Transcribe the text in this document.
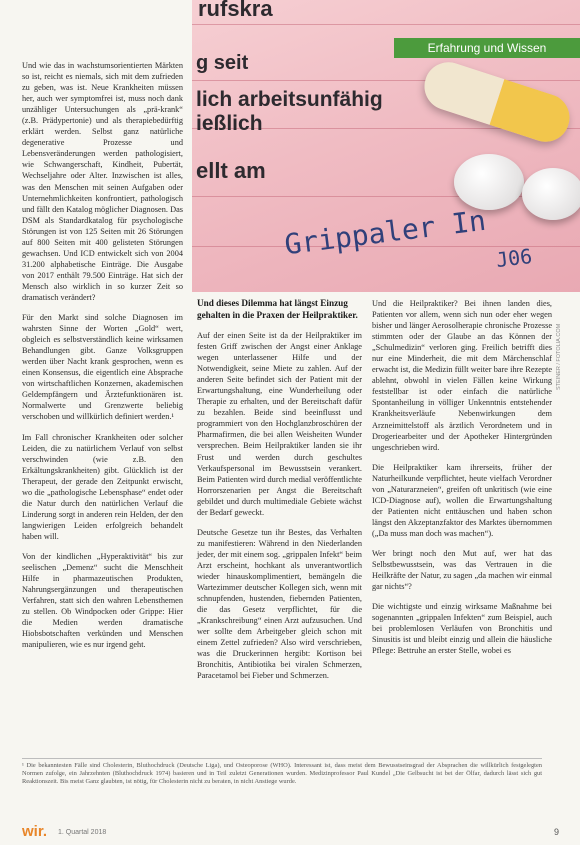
rufskra
g seit
lich arbeitsunfähig
ießlich
ellt am
Grippaler In J06
Erfahrung und Wissen
STEINER / FOTOLIA.COM

Und wie das in wachstumsorientierten Märkten so ist, reicht es niemals, sich mit dem zufrieden zu geben, was ist. Neue Krankheiten müssen her, auch wer symptomfrei ist, muss noch dank unzähliger Untersuchungen als „prä-krank“ (z.B. Prädypertonie) und als therapiebedürftig erklärt werden. Selbst ganz natürliche degenerative Prozesse und Lebensveränderungen werden pathologisiert, wie Schwangerschaft, Kindheit, Pubertät, Wechseljahre oder Alter. Inzwischen ist alles, was den Menschen mit seinen Aufgaben oder Unternehmlichkeiten konfrontiert, pathologisch und fällt den Katalog möglicher Diagnosen. Das DSM als Standardkatalog für psychologische Störungen ist von 125 Seiten mit 26 Störungen auf 800 Seiten mit 400 gelisteten Störungen gewachsen. Und ICD entwickelt sich von 2004 31.200 alphabetische Einträge. Die Ausgabe von 2017 enthält 79.500 Einträge. Hat sich der Mensch also wirklich in so kurzer Zeit so dramatisch verändert?

Für den Markt sind solche Diagnosen im wahrsten Sinne der Worten „Gold“ wert, obgleich es selbstverständlich keine wirksamen Behandlungen gibt. Ganze Volksgruppen werden über Nacht krank gesprochen, wenn es einen Konsensus, die eigentlich eine Absprache von wirtschaftlichen Konzernen, akademischen Geldempfängern und Ärztefunktionären ist. Normalwerte und Grenzwerte beliebig verschoben und willkürlich definiert werden.¹

Im Fall chronischer Krankheiten oder solcher Leiden, die zu natürlichem Verlauf von selbst verschwinden (wie z.B. den Erkältungskrankheiten) gibt. Glücklich ist der Therapeut, der gerade den Zeitpunkt erwischt, wo die „pathologische Lebensphase“ endet oder die Natur durch den natürlichen Verlauf die Linderung sorgt in anderen rein Helden, der den langwierigen Leiden erfolgreich behandelt haben will.

Von der kindlichen „Hyperaktivität“ bis zur seelischen „Demenz“ sucht die Menschheit Hilfe in pharmazeutischen Produkten, Nahrungsergänzungen und therapeutischen Verfahren, statt sich den wahren Lebensthemen zu stellen. Ob Windpocken oder Grippe: Hier die Medien werden dramatische Hiobsbotschaften verkünden und Menschen manipulieren, wie es nur irgend geht.

Und dieses Dilemma hat längst Einzug gehalten in die Praxen der Heilpraktiker.

Auf der einen Seite ist da der Heilpraktiker im festen Griff zwischen der Angst einer Anklage wegen unterlassener Hilfe und der Notwendigkeit, seine Miete zu zahlen. Auf der anderen Seite befindet sich der Patient mit der Erwartungshaltung, eine Wunderheilung oder Therapie zu erhalten, und der Bereitschaft dafür zu bezahlen. Beide sind beeinflusst und programmiert von den Hochglanzbroschüren der Pharmafirmen, die bei allen Weisheiten Wunder versprechen. Beim Heilpraktiker landen sie ihr Frust und werden durch geschultes Verkaufspersonal im Bewusstsein verankert. Beim Patienten wird durch medial veröffentlichte Horrorszenarien per Angst die Bereitschaft gebildet und durch multimediale Gebiete wächst der Bedarf geweckt.

Deutsche Gesetze tun ihr Bestes, das Verhalten zu manifestieren: Während in den Niederlanden jeder, der mit einem sog. „grippalen Infekt“ beim Arzt erscheint, hochkant als unverantwortlich wieder hinauskomplimentiert, bemängeln die Wartezimmer deutscher Kollegen sich, wenn mit schnupfenden, hustenden, fiebernden Patienten, die das Gesetz verpflichtet, für die „Krankschreibung“ einen Arzt aufzusuchen. Und wer sollte dem Arbeitgeber gleich schon mit einem Zettel zufrieden? Also wird verschrieben, was die Druckerinnen hergibt: Kortison bei Bronchitis, Antibiotika bei viralen Schmerzen, Paracetamol bei Fieber und Schmerzen.

Und die Heilpraktiker? Bei ihnen landen dies, Patienten vor allem, wenn sich nun oder eher wegen bisher und länger Aerosolherapie chronische Prozesse stimmten oder der Glaube an das Können der „Schulmedizin“ verloren ging. Freilich betrifft dies nur eine Minderheit, die mit dem Märchenschlaf erwacht ist, die Medizin füllt weiter bare ihre Rezepte ablehnt, obwohl in vielen Fällen keine Wirkung feststellbar ist oder einfach die natürliche Spontanheilung in völliger Unkenntnis entstehender Krankheitsverläufe Nebenwirkungen dem Arzneimittelstoff als ärztlich Verordnetem und in Drogeriearbeiter und der Apotheker Hintergründen ungeschrieben wird.

Die Heilpraktiker kam ihrerseits, früher der Naturheilkunde verpflichtet, heute vielfach Verordner von „Naturarzneien“, greifen oft unkritisch (wie eine ICD-Diagnose auf), wollen die Erwartungshaltung der Patienten nicht enttäuschen und haben schon längst den Akzeptanzfaktor des Marktes übernommen („Da muss man doch was machen“).

Wer bringt noch den Mut auf, wer hat das Selbstbewusstsein, was das Vertrauen in die Heilkräfte der Natur, zu sagen „da machen wir einmal gar nichts“?

Die wichtigste und einzig wirksame Maßnahme bei sogenannten „grippalen Infekten“ zum Beispiel, auch bei problemlosen Verläufen von Bronchitis und Sinusitis ist und bleibt einzig und allein die häusliche Pflege: Bettruhe an erster Stelle, wobei es

¹ Die bekanntesten Fälle sind Cholesterin, Bluthochdruck (Deutsche Liga), und Osteoporose (WHO). Interessant ist, dass meist dem Bewusstseinsgrad der Absprachen die willkürlich festgelegten Normen zufolge, ein Jahrzehnten (Bluthochdruck 1974) basieren und in Teil zuletzt Generationen wurden. Medizinprofessor Paul Kundel „Die Gelbsucht ist bei der Ölfar, dadurch lässt sich gut Reaktionszeit. Bis meist Ganz glaubten, ist nötig, für Cholesterin nicht zu beraten, in nicht Anstiege wurde.
wir. 1. Quartal 2018	9
